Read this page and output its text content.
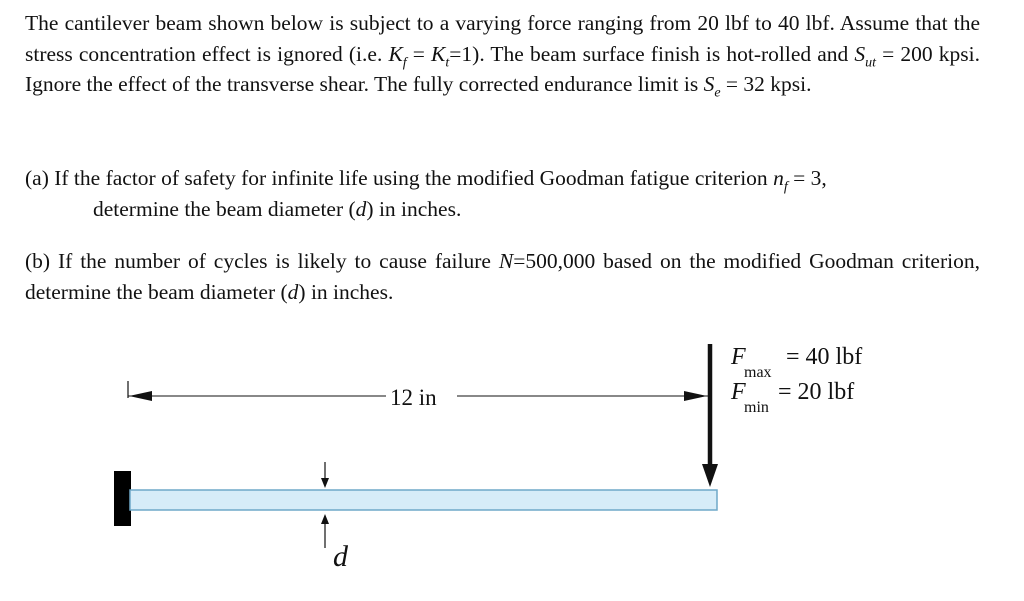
The cantilever beam shown below is subject to a varying force ranging from 20 lbf to 40 lbf. Assume that the stress concentration effect is ignored (i.e. $K_f = K_t=1$). The beam surface finish is hot-rolled and $S_{ut} = 200$ kpsi. Ignore the effect of the transverse shear. The fully corrected endurance limit is $S_e = 32$ kpsi.
(a) If the factor of safety for infinite life using the modified Goodman fatigue criterion $n_f = 3$,
determine the beam diameter (d) in inches.
(b) If the number of cycles is likely to cause failure N=500,000 based on the modified Goodman criterion, determine the beam diameter (d) in inches.
12 in
F
max
= 40 lbf
F
min
= 20 lbf
d
